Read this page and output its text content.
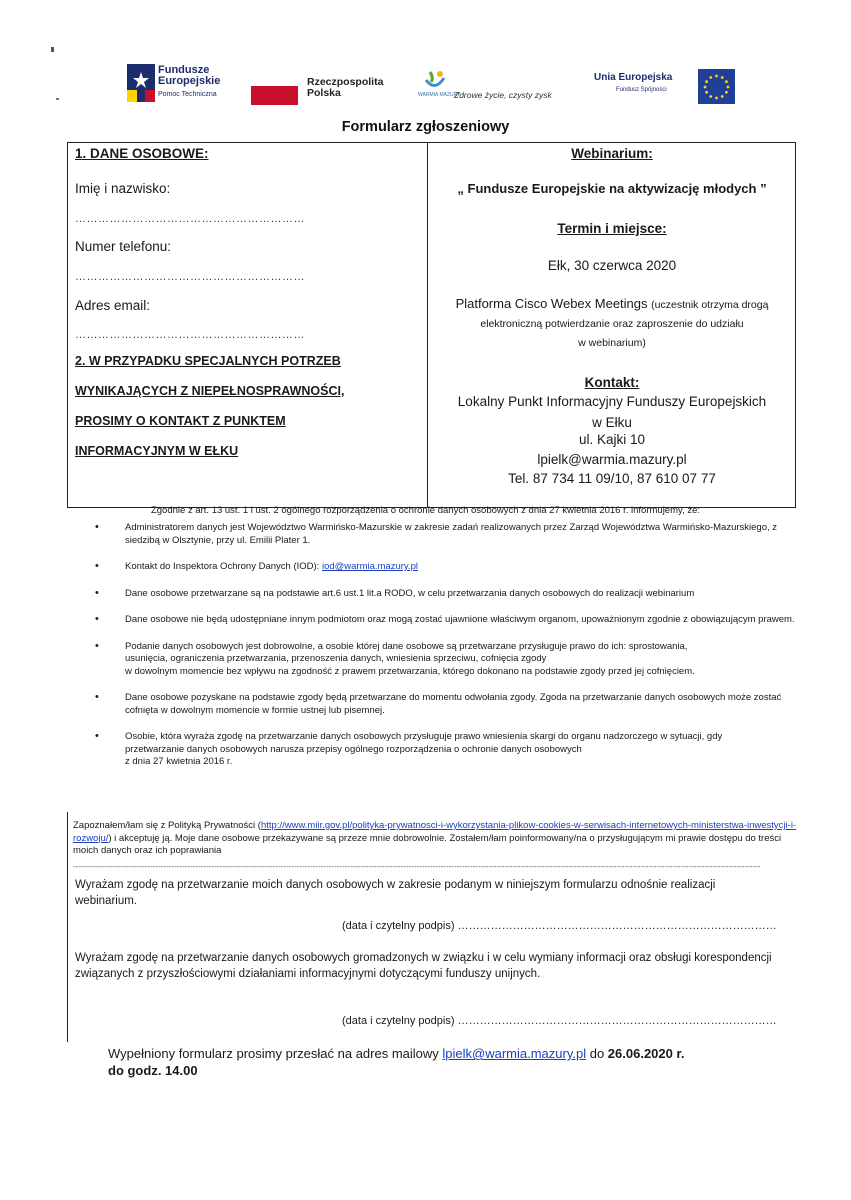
Fundusze
Europejskie
Pomoc Techniczna
Rzeczpospolita
Polska	WARMIA MAZURY
Zdrowe życie, czysty zysk
Unia Europejska
Fundusz Spójności
Formularz zgłoszeniowy
1. DANE OSOBOWE:
Imię i nazwisko:
……………………………………………………
Numer telefonu:
……………………………………………………
Adres email:
……………………………………………………
2. W PRZYPADKU SPECJALNYCH POTRZEB
WYNIKAJĄCYCH Z NIEPEŁNOSPRAWNOŚCI,
PROSIMY O KONTAKT Z PUNKTEM
INFORMACYJNYM W EŁKU
Webinarium:
„ Fundusze Europejskie na aktywizację młodych ”
Termin i miejsce:
Ełk, 30 czerwca 2020
Platforma Cisco Webex Meetings (uczestnik otrzyma drogą
elektroniczną potwierdzanie oraz zaproszenie do udziału
w webinarium)
Kontakt:
Lokalny Punkt Informacyjny Funduszy Europejskich
w Ełku
ul. Kajki 10
lpielk@warmia.mazury.pl
Tel. 87 734 11 09/10, 87 610 07 77
Zgodnie z art. 13 ust. 1 i ust. 2 ogólnego rozporządzenia o ochronie danych osobowych z dnia 27 kwietnia 2016 r. informujemy, że:

• Administratorem danych jest Województwo Warmińsko-Mazurskie w zakresie zadań realizowanych przez Zarząd Województwa Warmińsko-Mazurskiego, z siedzibą w Olsztynie, przy ul. Emilii Plater 1.

• Kontakt do Inspektora Ochrony Danych (IOD): iod@warmia.mazury.pl

• Dane osobowe przetwarzane są na podstawie art.6 ust.1 lit.a RODO, w celu przetwarzania danych osobowych do realizacji webinarium

• Dane osobowe nie będą udostępniane innym podmiotom oraz mogą zostać ujawnione właściwym organom, upoważnionym zgodnie z obowiązującym prawem.

• Podanie danych osobowych jest dobrowolne, a osobie której dane osobowe są przetwarzane przysługuje prawo do ich: sprostowania,
usunięcia, ograniczenia przetwarzania, przenoszenia danych, wniesienia sprzeciwu, cofnięcia zgody
w dowolnym momencie bez wpływu na zgodność z prawem przetwarzania, którego dokonano na podstawie zgody przed jej cofnięciem.

• Dane osobowe pozyskane na podstawie zgody będą przetwarzane do momentu odwołania zgody. Zgoda na przetwarzanie danych osobowych może zostać cofnięta w dowolnym momencie w formie ustnej lub pisemnej.

• Osobie, która wyraża zgodę na przetwarzanie danych osobowych przysługuje prawo wniesienia skargi do organu nadzorczego w sytuacji, gdy
przetwarzanie danych osobowych narusza przepisy ogólnego rozporządzenia o ochronie danych osobowych
z dnia 27 kwietnia 2016 r.
Zapoznałem/łam się z Polityką Prywatności (http://www.miir.gov.pl/polityka-prywatnosci-i-wykorzystania-plikow-cookies-w-serwisach-internetowych-ministerstwa-inwestycji-i-rozwoju/) i akceptuję ją. Moje dane osobowe przekazywane są przeze mnie dobrowolnie. Zostałem/łam poinformowany/na o przysługującym mi prawie dostępu do treści moich danych oraz ich poprawiania
------------------------------------------------------------------------------------------------------------------------------------------------------------------------------------------------------------------------------------------------------------------
Wyrażam zgodę na przetwarzanie moich danych osobowych w zakresie podanym w niniejszym formularzu odnośnie realizacji webinarium.
(data i czytelny podpis) ……………………………………………………………………………
Wyrażam zgodę na przetwarzanie danych osobowych gromadzonych w związku i w celu wymiany informacji oraz obsługi korespondencji związanych z przyszłościowymi działaniami informacyjnymi dotyczącymi funduszy unijnych.
(data i czytelny podpis) ……………………………………………………………………………
Wypełniony formularz prosimy przesłać na adres mailowy lpielk@warmia.mazury.pl do 26.06.2020 r.
do godz. 14.00
